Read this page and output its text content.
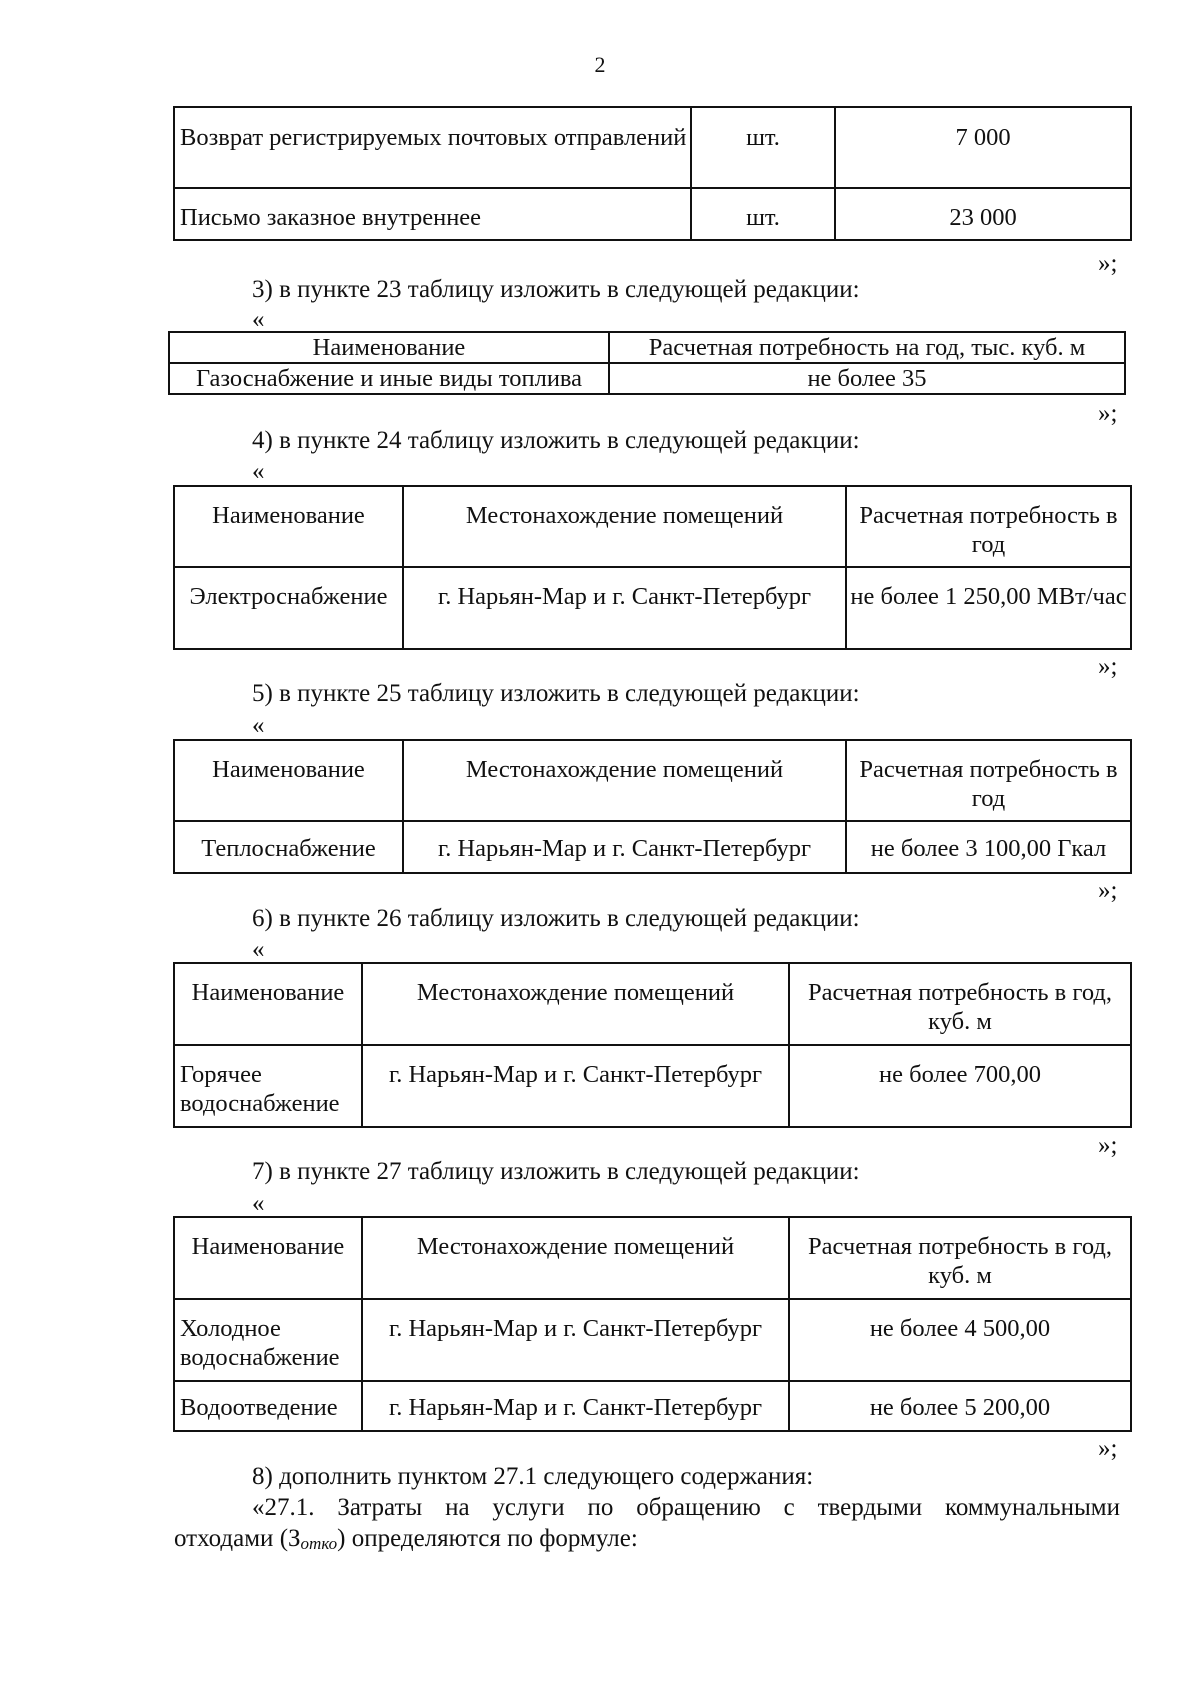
2
Возврат регистрируемых почтовых отправлений	шт.	7 000
Письмо заказное внутреннее	шт.	23 000
»;
3) в пункте 23 таблицу изложить в следующей редакции:
«
Наименование	Расчетная потребность на год, тыс. куб. м
Газоснабжение и иные виды топлива	не более 35
»;
4) в пункте 24 таблицу изложить в следующей редакции:
«
Наименование	Местонахождение помещений	Расчетная потребность в год
Электроснабжение	г. Нарьян-Мар и г. Санкт-Петербург	не более 1 250,00 МВт/час
»;
5) в пункте 25 таблицу изложить в следующей редакции:
«
Наименование	Местонахождение помещений	Расчетная потребность в год
Теплоснабжение	г. Нарьян-Мар и г. Санкт-Петербург	не более 3 100,00 Гкал
»;
6) в пункте 26 таблицу изложить в следующей редакции:
«
Наименование	Местонахождение помещений	Расчетная потребность в год, куб. м
Горячее водоснабжение	г. Нарьян-Мар и г. Санкт-Петербург	не более 700,00
»;
7) в пункте 27 таблицу изложить в следующей редакции:
«
Наименование	Местонахождение помещений	Расчетная потребность в год, куб. м
Холодное водоснабжение	г. Нарьян-Мар и г. Санкт-Петербург	не более 4 500,00
Водоотведение	г. Нарьян-Мар и г. Санкт-Петербург	не более 5 200,00
»;
8) дополнить пунктом 27.1 следующего содержания:
«27.1. Затраты на услуги по обращению с твердыми коммунальными
отходами (Зотко) определяются по формуле:
